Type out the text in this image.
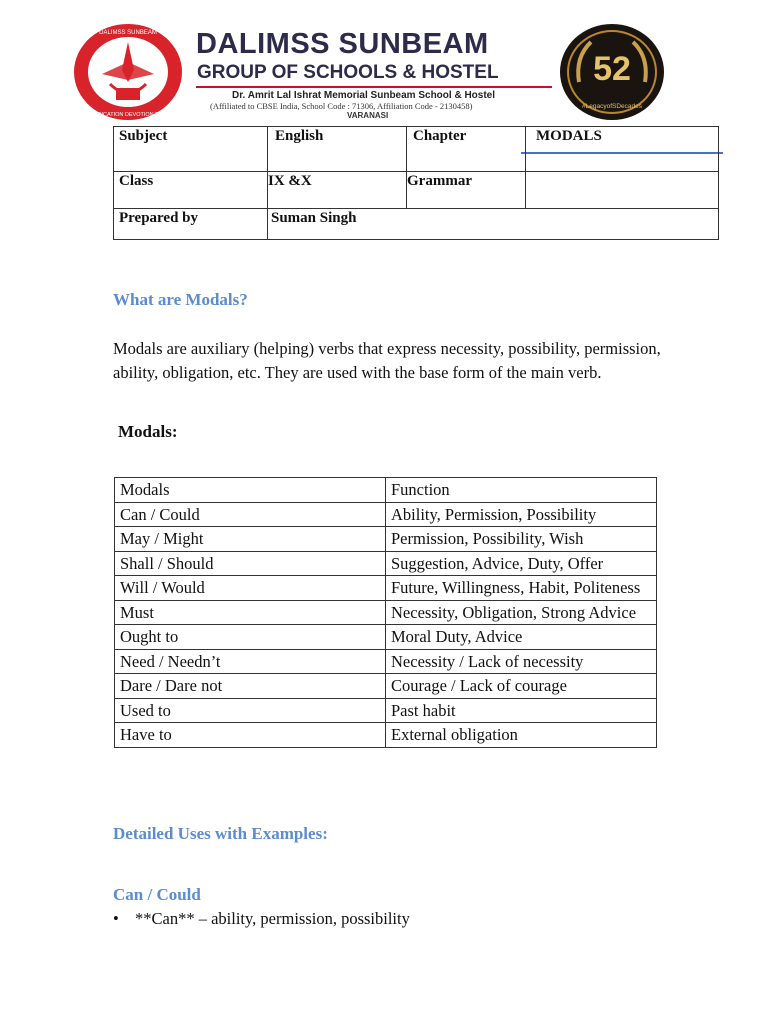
DALIMSS SUNBEAM
DEDICATION DEVOTION ETC
DALIMSS SUNBEAM
GROUP OF SCHOOLS & HOSTEL
Dr. Amrit Lal Ishrat Memorial Sunbeam School & Hostel
(Affiliated to CBSE India, School Code : 71306, Affiliation Code - 2130458)
VARANASI
52
#LegacyofSDecades
Subject	English	Chapter	MODALS

Class	IX &X	Grammar	
Prepared by	Suman Singh		
What are Modals?
Modals are auxiliary (helping) verbs that express necessity, possibility, permission, ability, obligation, etc. They are used with the base form of the main verb.
Modals:
Modals	Function
Can / Could	Ability, Permission, Possibility
May / Might	Permission, Possibility, Wish
Shall / Should	Suggestion, Advice, Duty, Offer
Will / Would	Future, Willingness, Habit, Politeness
Must	Necessity, Obligation, Strong Advice
Ought to	Moral Duty, Advice
Need / Needn’t	Necessity / Lack of necessity
Dare / Dare not	Courage / Lack of courage
Used to	Past habit
Have to	External obligation
Detailed Uses with Examples:
Can / Could
• **Can** – ability, permission, possibility
